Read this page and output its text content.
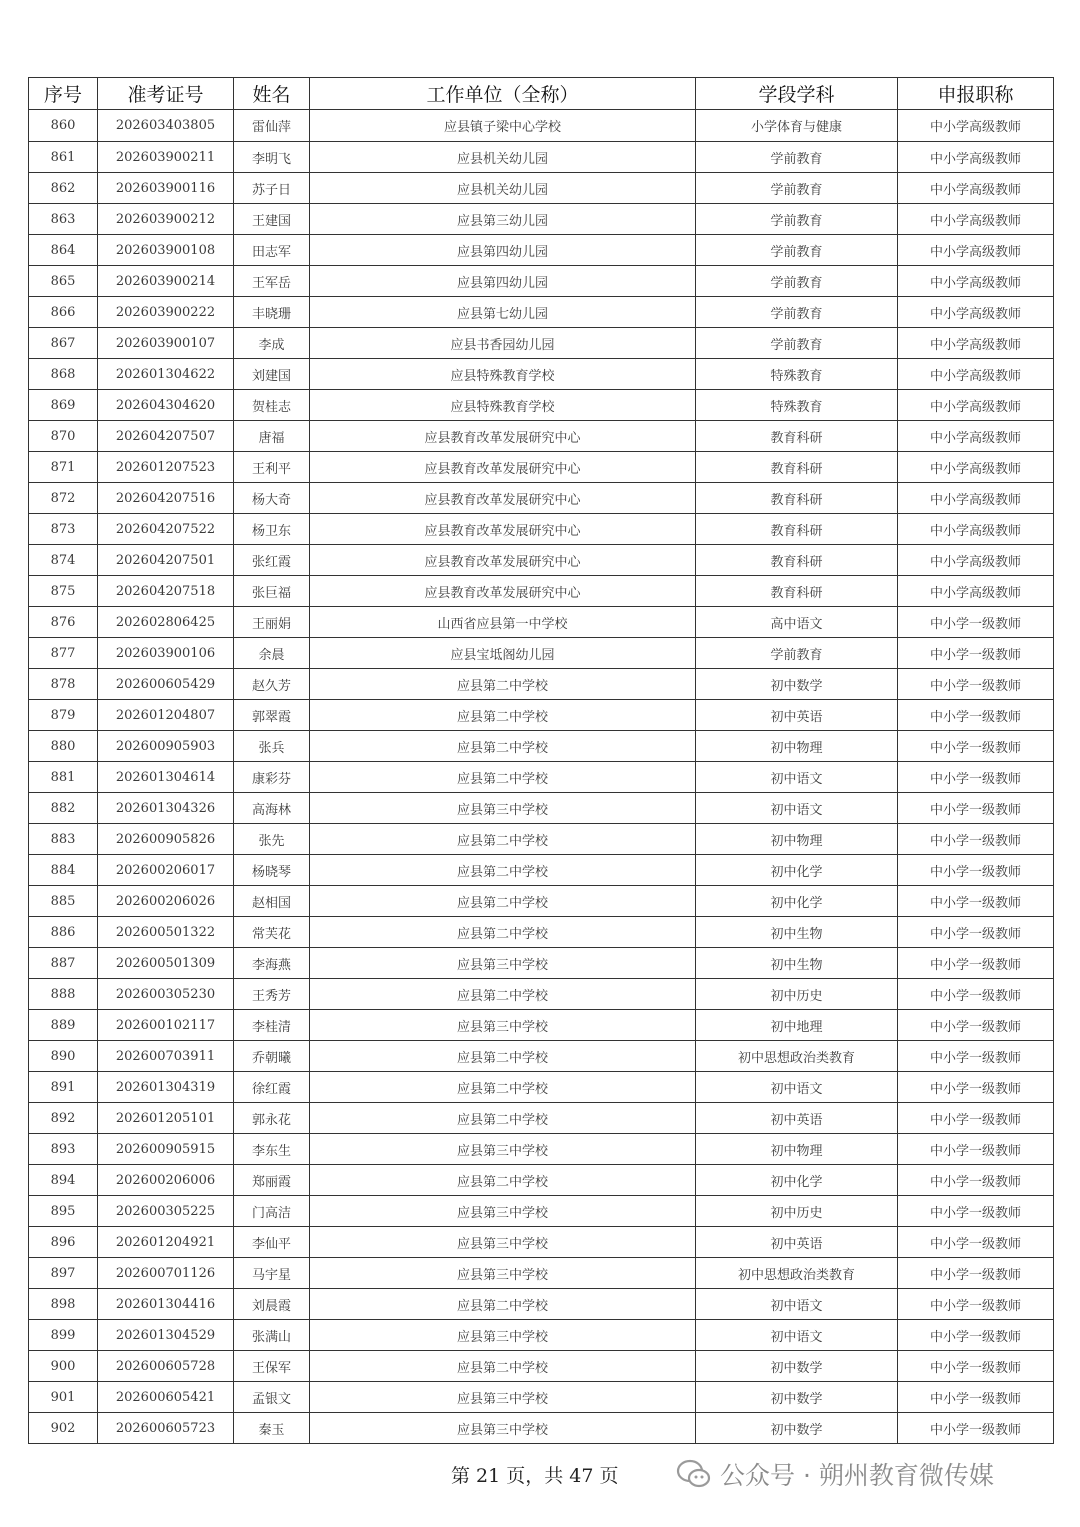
序号	准考证号	姓名	工作单位（全称）	学段学科	申报职称
860	202603403805	雷仙萍	应县镇子梁中心学校	小学体育与健康	中小学高级教师
861	202603900211	李明飞	应县机关幼儿园	学前教育	中小学高级教师
862	202603900116	苏子日	应县机关幼儿园	学前教育	中小学高级教师
863	202603900212	王建国	应县第三幼儿园	学前教育	中小学高级教师
864	202603900108	田志军	应县第四幼儿园	学前教育	中小学高级教师
865	202603900214	王军岳	应县第四幼儿园	学前教育	中小学高级教师
866	202603900222	丰晓珊	应县第七幼儿园	学前教育	中小学高级教师
867	202603900107	李成	应县书香园幼儿园	学前教育	中小学高级教师
868	202601304622	刘建国	应县特殊教育学校	特殊教育	中小学高级教师
869	202604304620	贺桂志	应县特殊教育学校	特殊教育	中小学高级教师
870	202604207507	唐福	应县教育改革发展研究中心	教育科研	中小学高级教师
871	202601207523	王利平	应县教育改革发展研究中心	教育科研	中小学高级教师
872	202604207516	杨大奇	应县教育改革发展研究中心	教育科研	中小学高级教师
873	202604207522	杨卫东	应县教育改革发展研究中心	教育科研	中小学高级教师
874	202604207501	张红霞	应县教育改革发展研究中心	教育科研	中小学高级教师
875	202604207518	张巨福	应县教育改革发展研究中心	教育科研	中小学高级教师
876	202602806425	王丽娟	山西省应县第一中学校	高中语文	中小学一级教师
877	202603900106	余晨	应县宝坻阁幼儿园	学前教育	中小学一级教师
878	202600605429	赵久芳	应县第二中学校	初中数学	中小学一级教师
879	202601204807	郭翠霞	应县第二中学校	初中英语	中小学一级教师
880	202600905903	张兵	应县第二中学校	初中物理	中小学一级教师
881	202601304614	康彩芬	应县第二中学校	初中语文	中小学一级教师
882	202601304326	高海林	应县第三中学校	初中语文	中小学一级教师
883	202600905826	张先	应县第二中学校	初中物理	中小学一级教师
884	202600206017	杨晓琴	应县第二中学校	初中化学	中小学一级教师
885	202600206026	赵相国	应县第二中学校	初中化学	中小学一级教师
886	202600501322	常芙花	应县第二中学校	初中生物	中小学一级教师
887	202600501309	李海燕	应县第三中学校	初中生物	中小学一级教师
888	202600305230	王秀芳	应县第二中学校	初中历史	中小学一级教师
889	202600102117	李桂清	应县第三中学校	初中地理	中小学一级教师
890	202600703911	乔朝曦	应县第二中学校	初中思想政治类教育	中小学一级教师
891	202601304319	徐红霞	应县第二中学校	初中语文	中小学一级教师
892	202601205101	郭永花	应县第二中学校	初中英语	中小学一级教师
893	202600905915	李东生	应县第三中学校	初中物理	中小学一级教师
894	202600206006	郑丽霞	应县第二中学校	初中化学	中小学一级教师
895	202600305225	门高洁	应县第三中学校	初中历史	中小学一级教师
896	202601204921	李仙平	应县第三中学校	初中英语	中小学一级教师
897	202600701126	马宇星	应县第三中学校	初中思想政治类教育	中小学一级教师
898	202601304416	刘晨霞	应县第二中学校	初中语文	中小学一级教师
899	202601304529	张满山	应县第三中学校	初中语文	中小学一级教师
900	202600605728	王保军	应县第二中学校	初中数学	中小学一级教师
901	202600605421	孟银文	应县第三中学校	初中数学	中小学一级教师
902	202600605723	秦玉	应县第三中学校	初中数学	中小学一级教师
第 21 页，共 47 页	公众号 · 朔州教育微传媒
